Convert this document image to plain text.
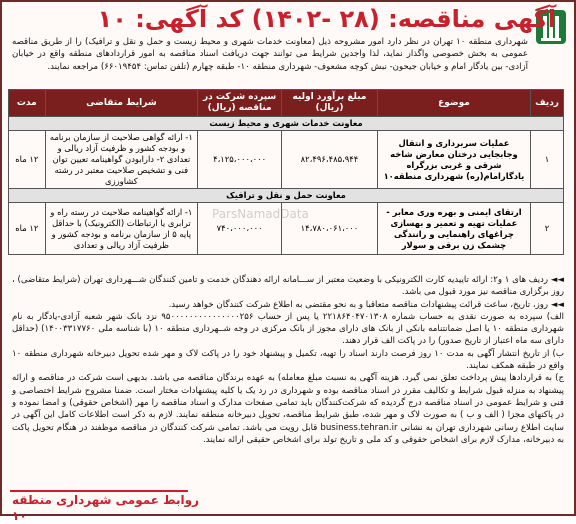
آگهی مناقصه: (۲۸ -۱۴۰۲) کد آگهی: ۱۰
شهرداری منطقه ۱۰ تهران در نظر دارد امور مشروحه ذیل (معاونت خدمات شهری و محیط زیست و حمل و نقل و ترافیک) را از طریق مناقصه عمومی به بخش خصوصی واگذار نماید، لذا واجدین شرایط می توانند جهت دریافت اسناد مناقصه به امور قراردادهای منطقه واقع در خیابان آزادی- بین یادگار امام و خیابان جیحون- نبش کوچه مشعوف- شهرداری منطقه ۱۰- طبقه چهارم (تلفن تماس: ۶۶۰۱۹۴۵۴) مراجعه نمایند.
ردیف	موضوع	مبلغ برآورد اولیه (ریال)	سپرده شرکت در مناقصه (ریال)	شرایط متقاضی	مدت
معاونت خدمات شهری و محیط زیست					
۱	عملیات سربرداری و انتقال وجابجایی درختان معارض شاخه شرقی و غربی بزرگراه یادگارامام(ره) شهرداری منطقه۱۰	۸۲،۴۹۶،۴۸۵،۹۴۴	۴،۱۲۵،۰۰۰،۰۰۰	۱- ارائه گواهی صلاحیت از سازمان برنامه و بودجه کشور و ظرفیت آزاد ریالی و تعدادی ۲- دارابودن گواهینامه تعیین توان فنی و تشخیص صلاحیت معتبر در رشته کشاورزی	۱۲ ماه
معاونت حمل و نقل و ترافیک					
۲	ارتقای ایمنی و بهره وری معابر - عملیات تهیه و تعمیر و بهسازی چراغهای راهنمایی و رانندگی چشمک زن برقی و سولار	۱۴،۷۸۰،۰۶۱،۰۰۰	۷۴۰،۰۰۰،۰۰۰	۱- ارائه گواهینامه صلاحیت در رسته راه و ترابری یا ارتباطات (الکترونیک) با حداقل پایه ۵ از سازمان برنامه و بودجه کشور و ظرفیت آزاد ریالی و تعدادی	۱۲ ماه
ParsNamadData
◄◄ ردیف های ۱ و۲: ارائه تاییدیه کارت الکترونیکی با وضعیت معتبر از ســـامانه ارائه دهندگان خدمت و تامین کنندگان شـــهرداری تهران (شرایط متقاضی) ، روز برگزاری مناقصه نیز مورد قبول می باشد.
◄◄ روز، تاریخ، ساعت قرائت پیشنهادات مناقصه متعاقبا و به نحو مقتضی به اطلاع شرکت کنندگان خواهد رسید.
الف) سپرده به صورت نقدی به حساب شماره ۲۲۱۸۶۴۰۴۷۰۱۳۰۸ یا پس از حساب ۹۵۰۰۰۰۰۰۰۰۰۰۰۰۰۰۰۲۵۶ نزد بانک شهر شعبه آزادی-یادگار به نام شهرداری منطقه ۱۰ یا اصل ضمانتنامه بانکی از بانک های دارای مجوز از بانک مرکزی در وجه شــهرداری منطقه ۱۰ (با شناسه ملی ۱۴۰۰۳۳۱۷۷۶۰) (حداقل دارای سه ماه اعتبار از تاریخ صدور) را در پاکت الف قرار دهند.
ب) از تاریخ انتشار آگهی به مدت ۱۰ روز فرصت دارند اسناد را تهیه، تکمیل و پیشنهاد خود را در پاکت لاک و مهر شده تحویل دبیرخانه شهرداری منطقه ۱۰ واقع در طبقه همکف نمایند.
ج) به قراردادها پیش پرداخت تعلق نمی گیرد. هزینه آگهی به نسبت مبلغ معامله) به عهده برندگان مناقصه می باشد. بدیهی است شرکت در مناقصه و ارائه پیشنهاد به منزله قبول شرایط و تکالیف مقرر در اسناد مناقصه بوده و شهرداری در رد یک یا کلیه پیشنهادات مختار است. ضمنا مشروح شرایط اختصاصی و فنی و شرایط عمومی در اسناد مناقصه درج گردیده که شرکت‌کنندگان باید تمامی صفحات مدارک و اسناد مناقصه را مهر (اشخاص حقوقی) و امضا نموده و در پاکتهای مجزا ( الف و ب ) به صورت لاک و مهر شده، طبق شرایط مناقصه، تحویل دبیرخانه منطقه نمایند. لازم به ذکر است اطلاعات کامل این آگهی در سایت اطلاع رسانی شهرداری تهران به نشانی business.tehran.ir قابل رویت می باشد. تمامی شرکت کنندگان در مناقصه موظفند در هنگام تحویل پاکت به دبیرخانه، مدارک لازم برای اشخاص حقوقی و کد ملی و تاریخ تولد برای اشخاص حقیقی ارائه نمایند.
روابط عمومی شهرداری منطقه ۱۰
